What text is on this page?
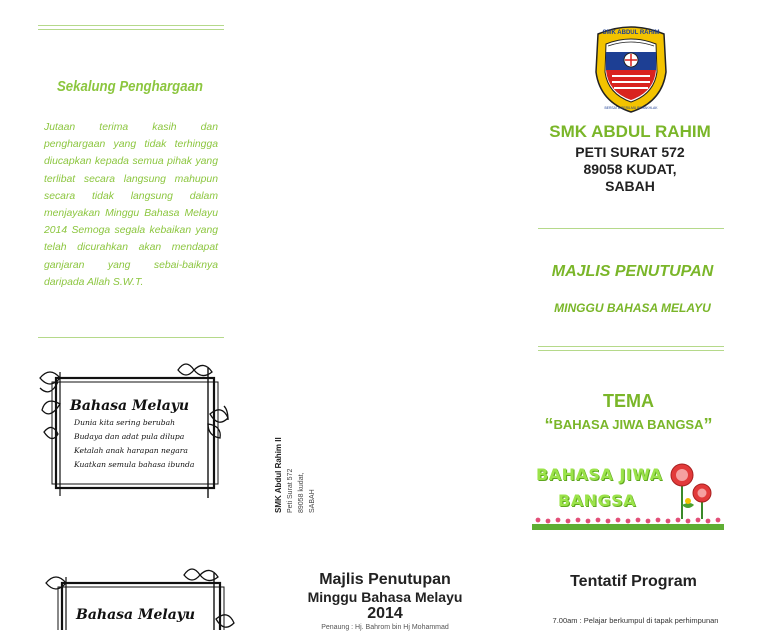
Sekalung Penghargaan
Jutaan terima kasih dan penghargaan yang tidak terhingga diucapkan kepada semua pihak yang terlibat secara langsung mahupun secara tidak langsung dalam menjayakan Minggu Bahasa Melayu 2014 Semoga segala kebaikan yang telah dicurahkan akan mendapat ganjaran yang sebai-baiknya daripada Allah S.W.T.
Bahasa Melayu
Dunia kita sering berubah
Budaya dan adat pula dilupa
Ketalah anak harapan negara
Kuatkan semula bahasa ibunda
Bahasa Melayu
SMK Abdul Rahim II Peti Surat 572 89058 kudat, SABAH
Majlis Penutupan
Minggu Bahasa Melayu
2014
Penaung : Hj. Bahrom bin Hj Mohammad
SMK ABDUL RAHIM
BERSATU BERILMU BERAKHLAK
SMK ABDUL RAHIM
PETI SURAT 572
89058 KUDAT,
SABAH
MAJLIS PENUTUPAN
MINGGU BAHASA MELAYU
TEMA
“BAHASA JIWA BANGSA”
BAHASA JIWA
BANGSA
Tentatif Program
7.00am : Pelajar berkumpul di tapak perhimpunan
